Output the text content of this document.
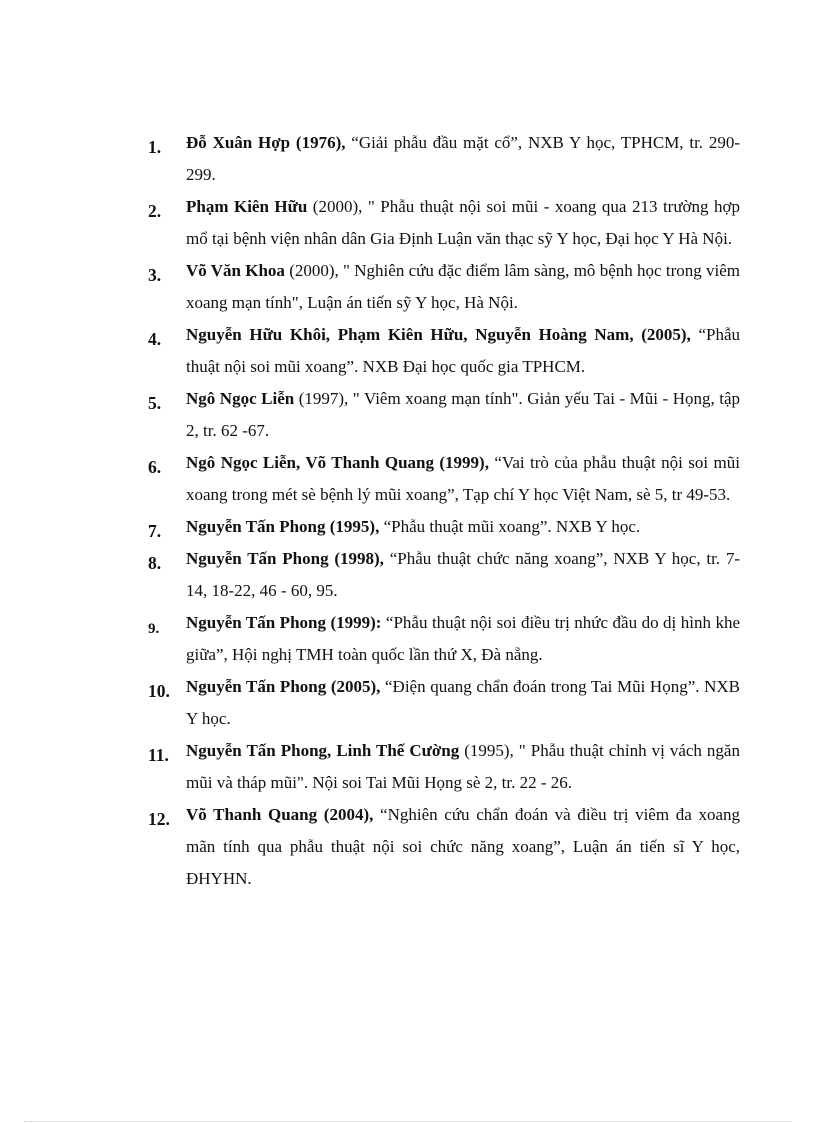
1. Đỗ Xuân Hợp (1976), “Giải phẫu đầu mặt cổ”, NXB Y học, TPHCM, tr. 290-299.
2. Phạm Kiên Hữu (2000), " Phẫu thuật nội soi mũi - xoang qua 213 trường hợp mổ tại bệnh viện nhân dân Gia Định Luận văn thạc sỹ Y học, Đại học Y Hà Nội.
3. Võ Văn Khoa (2000), " Nghiên cứu đặc điểm lâm sàng, mô bệnh học trong viêm xoang mạn tính", Luận án tiến sỹ Y học, Hà Nội.
4. Nguyễn Hữu Khôi, Phạm Kiên Hữu, Nguyễn Hoàng Nam, (2005), “Phẫu thuật nội soi mũi xoang”. NXB Đại học quốc gia TPHCM.
5. Ngô Ngọc Liễn (1997), " Viêm xoang mạn tính". Giản yếu Tai - Mũi - Họng, tập 2, tr. 62 -67.
6. Ngô Ngọc Liễn, Võ Thanh Quang (1999), “Vai trò của phẫu thuật nội soi mũi xoang trong mét sè bệnh lý mũi xoang”, Tạp chí Y học Việt Nam, sè 5, tr 49-53.
7. Nguyễn Tấn Phong (1995), “Phẫu thuật mũi xoang”. NXB Y học.
8. Nguyễn Tấn Phong (1998), “Phẫu thuật chức năng xoang”, NXB Y học, tr. 7-14, 18-22, 46 - 60, 95.
9. Nguyễn Tấn Phong (1999): “Phẫu thuật nội soi điều trị nhức đầu do dị hình khe giữa”, Hội nghị TMH toàn quốc lần thứ X, Đà nẵng.
10. Nguyễn Tấn Phong (2005), “Điện quang chẩn đoán trong Tai Mũi Họng”. NXB Y học.
11. Nguyễn Tấn Phong, Linh Thế Cường (1995), " Phẫu thuật chỉnh vị vách ngăn mũi và tháp mũi". Nội soi Tai Mũi Họng sè 2, tr. 22 - 26.
12. Võ Thanh Quang (2004), “Nghiên cứu chẩn đoán và điều trị viêm đa xoang mãn tính qua phẫu thuật nội soi chức năng xoang”, Luận án tiến sĩ Y học, ĐHYHN.
